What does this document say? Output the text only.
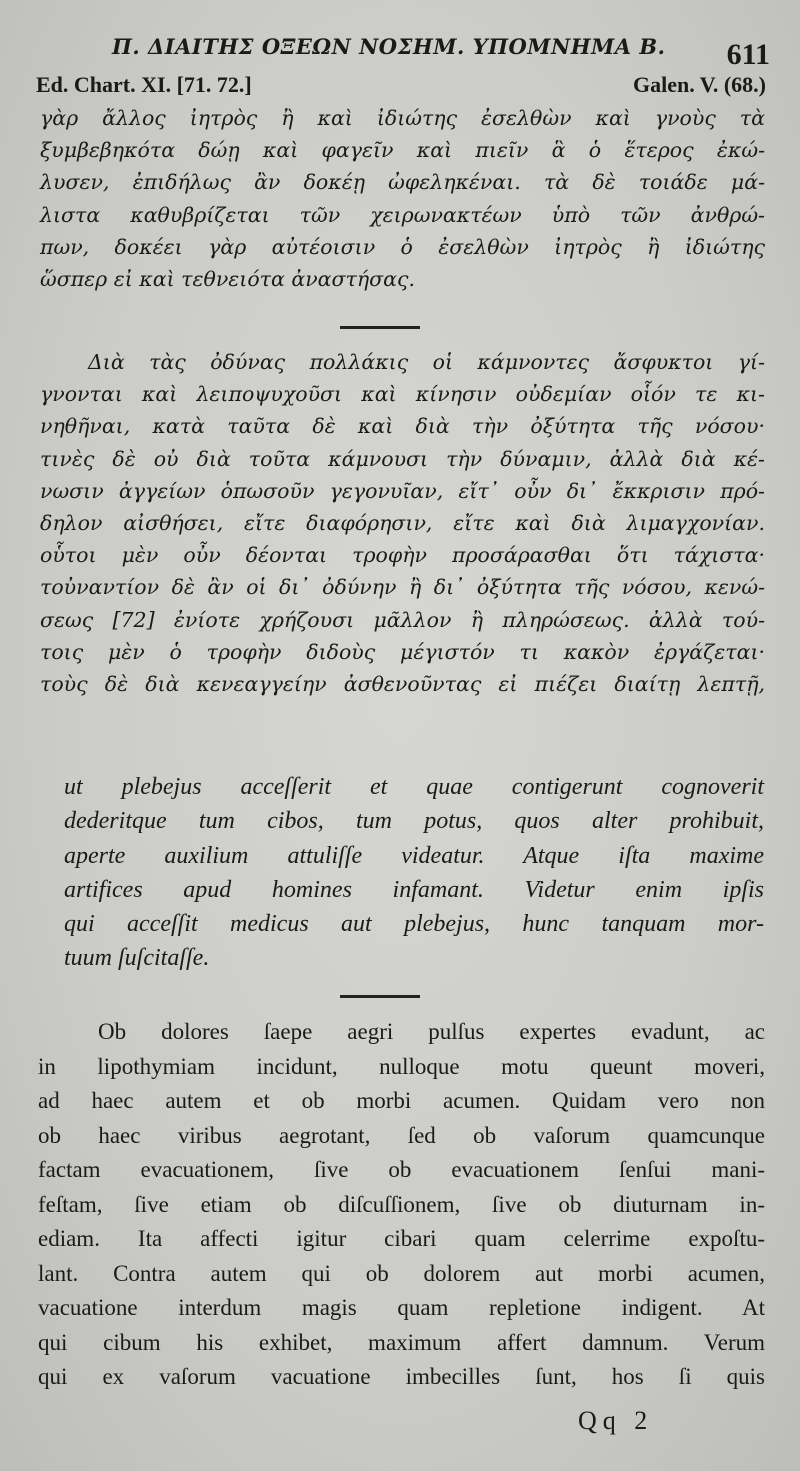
Π. ΔΙΑΙΤΗΣ ΟΞΕΩΝ ΝΟΣΗΜ. ΥΠΟΜΝΗΜΑ Β. 611
Ed. Chart. XI. [71. 72.]	Galen. V. (68.)
γὰρ ἄλλος ἰητρὸς ἢ καὶ ἰδιώτης ἐσελθὼν καὶ γνοὺς τὰ
ξυμβεβηκότα δώῃ καὶ φαγεῖν καὶ πιεῖν ἃ ὁ ἕτερος ἐκώ-
λυσεν, ἐπιδήλως ἂν δοκέῃ ὠφεληκέναι. τὰ δὲ τοιάδε μά-
λιστα καθυβρίζεται τῶν χειρωνακτέων ὑπὸ τῶν ἀνθρώ-
πων, δοκέει γὰρ αὐτέοισιν ὁ ἐσελθὼν ἰητρὸς ἢ ἰδιώτης
ὥσπερ εἰ καὶ τεθνειότα ἀναστήσας.
Διὰ τὰς ὀδύνας πολλάκις οἱ κάμνοντες ἄσφυκτοι γί-
γνονται καὶ λειποψυχοῦσι καὶ κίνησιν οὐδεμίαν οἷόν τε κι-
νηθῆναι, κατὰ ταῦτα δὲ καὶ διὰ τὴν ὀξύτητα τῆς νόσου·
τινὲς δὲ οὐ διὰ τοῦτα κάμνουσι τὴν δύναμιν, ἀλλὰ διὰ κέ-
νωσιν ἀγγείων ὁπωσοῦν γεγονυῖαν, εἴτ᾽ οὖν δι᾽ ἔκκρισιν πρό-
δηλον αἰσθήσει, εἴτε διαφόρησιν, εἴτε καὶ διὰ λιμαγχονίαν.
οὗτοι μὲν οὖν δέονται τροφὴν προσάρασθαι ὅτι τάχιστα·
τοὐναντίον δὲ ἂν οἱ δι᾽ ὀδύνην ἢ δι᾽ ὀξύτητα τῆς νόσου, κενώ-
σεως [72] ἐνίοτε χρήζουσι μᾶλλον ἢ πληρώσεως. ἀλλὰ τού-
τοις μὲν ὁ τροφὴν διδοὺς μέγιστόν τι κακὸν ἐργάζεται·
τοὺς δὲ διὰ κενεαγγείην ἀσθενοῦντας εἰ πιέζει διαίτῃ λεπτῇ,
ut plebejus acceſſerit et quae contigerunt cognoverit
dederitque tum cibos, tum potus, quos alter prohibuit,
aperte auxilium attuliſſe videatur. Atque iſta maxime
artifices apud homines infamant. Videtur enim ipſis
qui acceſſit medicus aut plebejus, hunc tanquam mor-
tuum ſuſcitaſſe.
Ob dolores ſaepe aegri pulſus expertes evadunt, ac
in lipothymiam incidunt, nulloque motu queunt moveri,
ad haec autem et ob morbi acumen. Quidam vero non
ob haec viribus aegrotant, ſed ob vaſorum quamcunque
factam evacuationem, ſive ob evacuationem ſenſui mani-
feſtam, ſive etiam ob diſcuſſionem, ſive ob diuturnam in-
ediam. Ita affecti igitur cibari quam celerrime expoſtu-
lant. Contra autem qui ob dolorem aut morbi acumen,
vacuatione interdum magis quam repletione indigent. At
qui cibum his exhibet, maximum affert damnum. Verum
qui ex vaſorum vacuatione imbecilles ſunt, hos ſi quis
Qq 2
